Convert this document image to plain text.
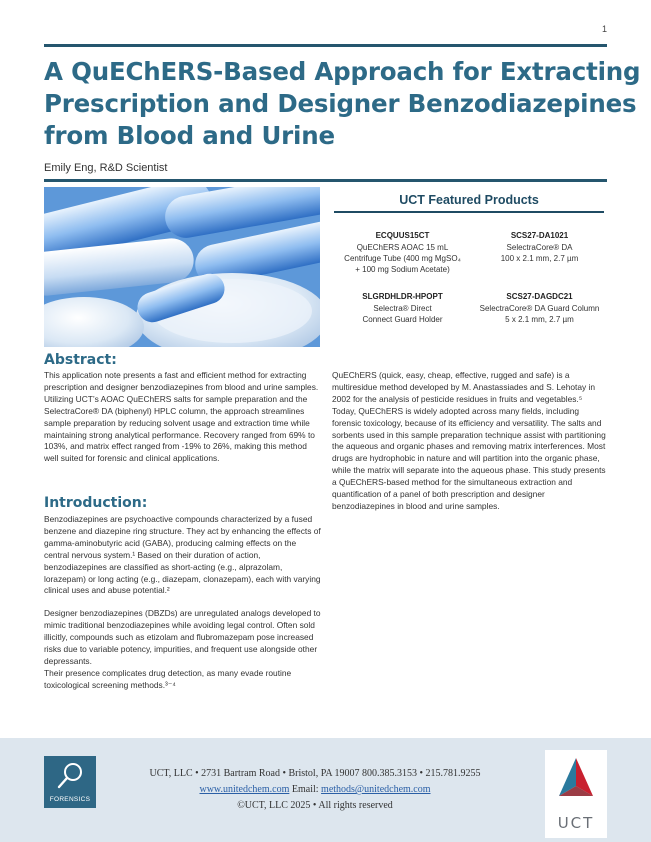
1
A QuEChERS-Based Approach for Extracting
Prescription and Designer Benzodiazepines
from Blood and Urine
Emily Eng, R&D Scientist
UCT Featured Products
ECQUUS15CT
QuEChERS AOAC 15 mL
Centrifuge Tube (400 mg MgSO₄
+ 100 mg Sodium Acetate)
SCS27-DA1021
SelectraCore® DA
100 x 2.1 mm, 2.7 µm
SLGRDHLDR-HPOPT
Selectra® Direct
Connect Guard Holder
SCS27-DAGDC21
SelectraCore® DA Guard Column
5 x 2.1 mm, 2.7 µm
Abstract:

This application note presents a fast and efficient method for extracting prescription and designer benzodiazepines from blood and urine samples. Utilizing UCT’s AOAC QuEChERS salts for sample preparation and the SelectraCore® DA (biphenyl) HPLC column, the approach streamlines sample preparation by reducing solvent usage and extraction time while maintaining strong analytical performance. Recovery ranged from 69% to 103%, and matrix effect ranged from -19% to 26%, making this method well suited for forensic and clinical applications.

Introduction:

Benzodiazepines are psychoactive compounds characterized by a fused benzene and diazepine ring structure. They act by enhancing the effects of gamma-aminobutyric acid (GABA), producing calming effects on the central nervous system.¹ Based on their duration of action, benzodiazepines are classified as short-acting (e.g., alprazolam, lorazepam) or long acting (e.g., diazepam, clonazepam), each with varying clinical uses and abuse potential.²

Designer benzodiazepines (DBZDs) are unregulated analogs developed to mimic traditional benzodiazepines while avoiding legal control. Often sold illicitly, compounds such as etizolam and flubromazepam pose increased risks due to variable potency, impurities, and frequent use alongside other depressants.

Their presence complicates drug detection, as many evade routine toxicological screening methods.³⁻⁴

QuEChERS (quick, easy, cheap, effective, rugged and safe) is a multiresidue method developed by M. Anastassiades and S. Lehotay in 2002 for the analysis of pesticide residues in fruits and vegetables.⁵ Today, QuEChERS is widely adopted across many fields, including forensic toxicology, because of its efficiency and versatility. The salts and sorbents used in this sample preparation technique assist with partitioning the aqueous and organic phases and removing matrix interferences. Most drugs are hydrophobic in nature and will partition into the organic phase, while the matrix will separate into the aqueous phase. This study presents a QuEChERS-based method for the simultaneous extraction and quantification of a panel of both prescription and designer benzodiazepines in blood and urine samples.

FORENSICS
UCT, LLC • 2731 Bartram Road • Bristol, PA 19007 800.385.3153 • 215.781.9255
www.unitedchem.com Email: methods@unitedchem.com
©UCT, LLC 2025 • All rights reserved
UCT
